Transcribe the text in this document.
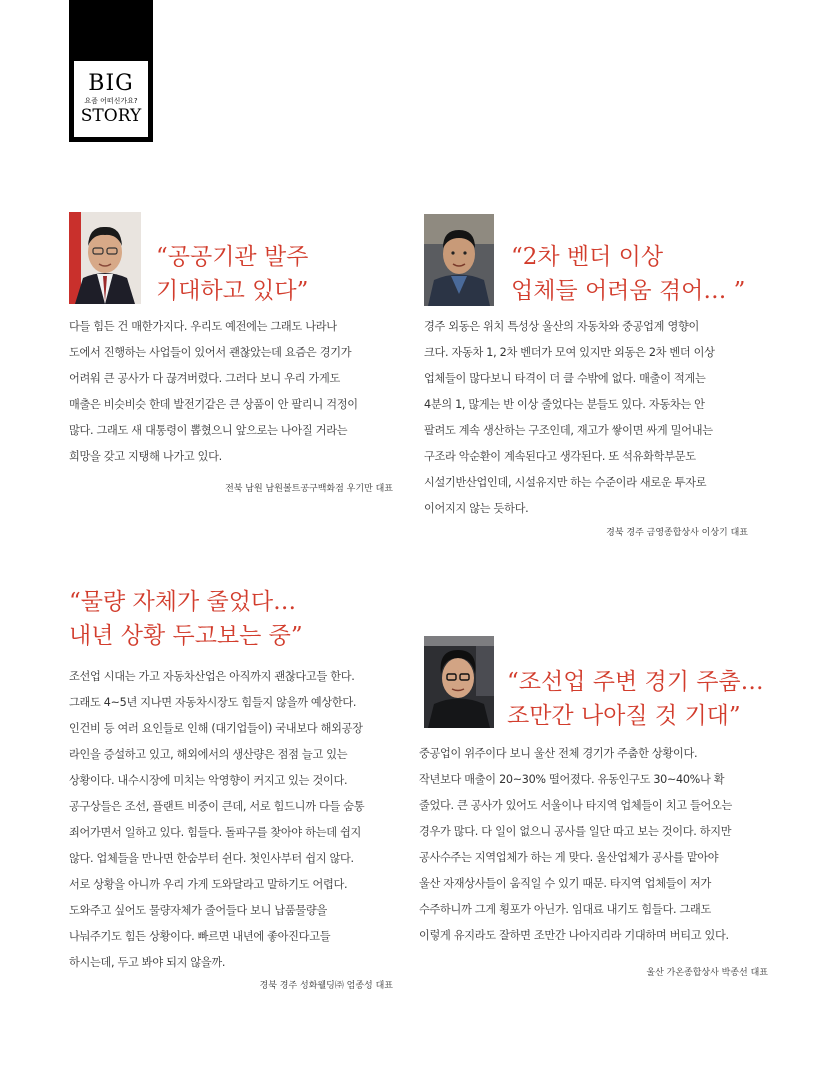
BIG
요즘 어떠신가요?
STORY
“공공기관 발주
기대하고 있다”
다들 힘든 건 매한가지다. 우리도 예전에는 그래도 나라나
도에서 진행하는 사업들이 있어서 괜찮았는데 요즘은 경기가
어려워 큰 공사가 다 끊겨버렸다. 그러다 보니 우리 가게도
매출은 비슷비슷 한데 발전기같은 큰 상품이 안 팔리니 걱정이
많다. 그래도 새 대통령이 뽑혔으니 앞으로는 나아질 거라는
희망을 갖고 지탱해 나가고 있다.
전북 남원 남원볼트공구백화점 우기만 대표
“2차 벤더 이상
업체들 어려움 겪어… ”
경주 외동은 위치 특성상 울산의 자동차와 중공업계 영향이
크다. 자동차 1, 2차 벤더가 모여 있지만 외동은 2차 벤더 이상
업체들이 많다보니 타격이 더 클 수밖에 없다. 매출이 적게는
4분의 1, 많게는 반 이상 줄었다는 분들도 있다. 자동차는 안
팔려도 계속 생산하는 구조인데, 재고가 쌓이면 싸게 밀어내는
구조라 악순환이 계속된다고 생각된다. 또 석유화학부문도
시설기반산업인데, 시설유지만 하는 수준이라 새로운 투자로
이어지지 않는 듯하다.
경북 경주 금영종합상사 이상기 대표
“물량 자체가 줄었다…
내년 상황 두고보는 중”
조선업 시대는 가고 자동차산업은 아직까지 괜찮다고들 한다.
그래도 4~5년 지나면 자동차시장도 힘들지 않을까 예상한다.
인건비 등 여러 요인들로 인해 (대기업들이) 국내보다 해외공장
라인을 증설하고 있고, 해외에서의 생산량은 점점 늘고 있는
상황이다. 내수시장에 미치는 악영향이 커지고 있는 것이다.
공구상들은 조선, 플랜트 비중이 큰데, 서로 힘드니까 다들 숨통
죄어가면서 일하고 있다. 힘들다. 돌파구를 찾아야 하는데 쉽지
않다. 업체들을 만나면 한숨부터 쉰다. 첫인사부터 쉽지 않다.
서로 상황을 아니까 우리 가게 도와달라고 말하기도 어렵다.
도와주고 싶어도 물량자체가 줄어들다 보니 납품물량을
나눠주기도 힘든 상황이다. 빠르면 내년에 좋아진다고들
하시는데, 두고 봐야 되지 않을까.
경북 경주 성화웰딩㈜ 엄종성 대표
“조선업 주변 경기 주춤…
조만간 나아질 것 기대”
중공업이 위주이다 보니 울산 전체 경기가 주춤한 상황이다.
작년보다 매출이 20~30% 떨어졌다. 유동인구도 30~40%나 확
줄었다. 큰 공사가 있어도 서울이나 타지역 업체들이 치고 들어오는
경우가 많다. 다 일이 없으니 공사를 일단 따고 보는 것이다. 하지만
공사수주는 지역업체가 하는 게 맞다. 울산업체가 공사를 맡아야
울산 자재상사들이 움직일 수 있기 때문. 타지역 업체들이 저가
수주하니까 그게 횡포가 아닌가. 임대료 내기도 힘들다. 그래도
이렇게 유지라도 잘하면 조만간 나아지리라 기대하며 버티고 있다.
울산 가온종합상사 박종선 대표
